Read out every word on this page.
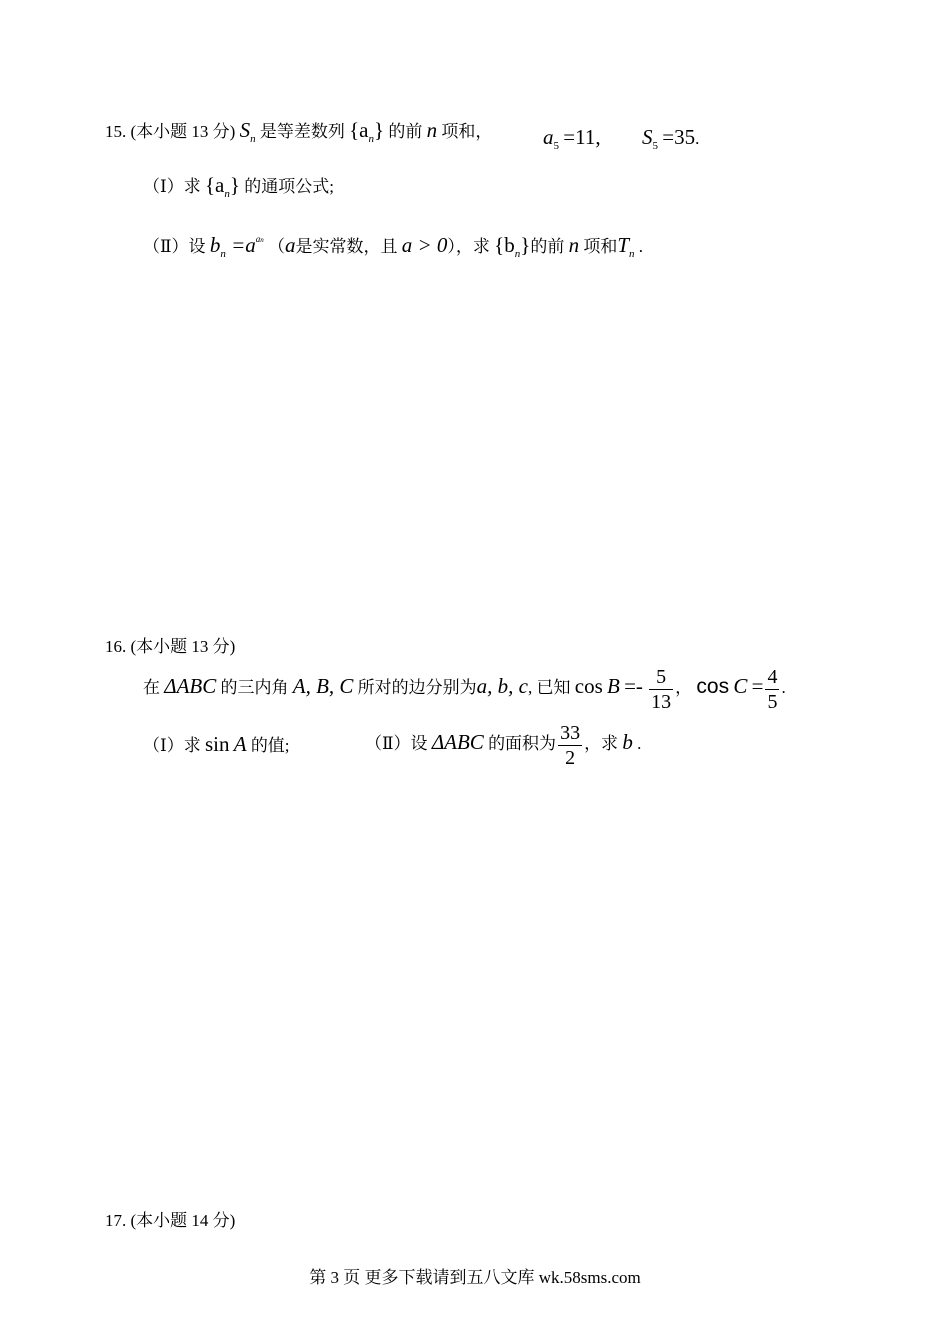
15. (本小题 13 分) $S_n$ 是等差数列 $\{a_n\}$ 的前 n 项和， $a_5 =11$, $S_5 =35$.
（Ⅰ）求 $\{a_n\}$ 的通项公式;
（Ⅱ）设 $b_n =a^{an}$ （a是实常数，且 a > 0），求 $\{b_n\}$的前 n 项和$T_n$ .
16. (本小题 13 分)
在 ΔABC 的三内角 A, B, C 所对的边分别为a, b, c, 已知 $\cos B =- \frac{5}{13}$ ， $\cos C = \frac{4}{5}$ .
（Ⅰ）求 sin A 的值;	（Ⅱ）设 ΔABC 的面积为 $\frac{33}{2}$ ，求 b .
17. (本小题 14 分)
第 3 页 更多下载请到五八文库 wk.58sms.com
